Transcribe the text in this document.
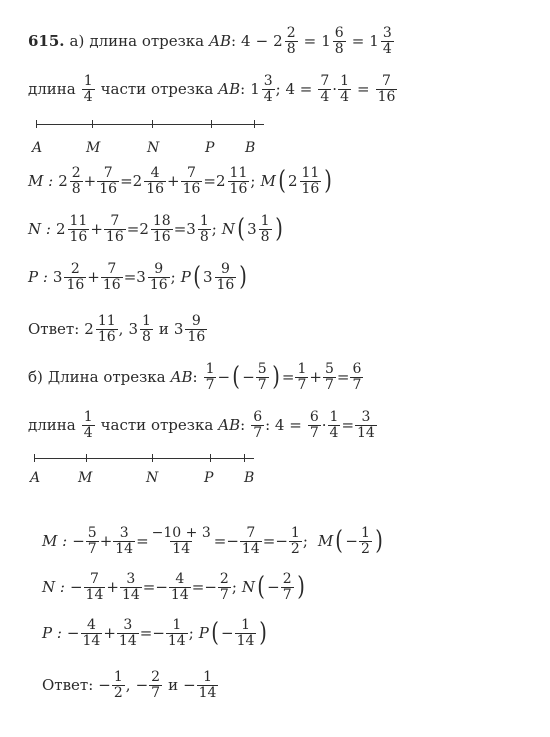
615. а) длина отрезка AB : $4 - 2 \frac{2}{8} = 1 \frac{6}{8} = 1 \frac{3}{4}$
длина $\frac{1}{4}$ части отрезка AB : $1 \frac{3}{4}$ ; $4 = \frac{7}{4} \cdot \frac{1}{4} = \frac{7}{16}$
A	M	N	P B
M : $2 \frac{2}{8} + \frac{7}{16} = 2 \frac{4}{16} + \frac{7}{16} = 2 \frac{11}{16}$ ; M ( $2 \frac{11}{16}$ )
N : $2 \frac{11}{16} + \frac{7}{16} = 2 \frac{18}{16} = 3 \frac{1}{8}$ ; N ( $3 \frac{1}{8}$ )
P : $3 \frac{2}{16} + \frac{7}{16} = 3 \frac{9}{16}$ ; P ( $3 \frac{9}{16}$ )
Ответ: $2 \frac{11}{16}$ , $3 \frac{1}{8}$ и $3 \frac{9}{16}$
б) Длина отрезка AB : $\frac{1}{7}$ − ( − $\frac{5}{7}$ ) = $\frac{1}{7} + \frac{5}{7} = \frac{6}{7}$
длина $\frac{1}{4}$ части отрезка AB : $\frac{6}{7}$ : $4 = \frac{6}{7} \cdot \frac{1}{4} = \frac{3}{14}$
A	M	N	P B
M : − $\frac{5}{7} + \frac{3}{14} = \frac{-10 + 3}{14}$ = − $\frac{7}{14}$ = − $\frac{1}{2}$ ; M ( − $\frac{1}{2}$ )
N : − $\frac{7}{14} + \frac{3}{14}$ = − $\frac{4}{14}$ = − $\frac{2}{7}$ ; N ( − $\frac{2}{7}$ )
P : − $\frac{4}{14} + \frac{3}{14}$ = − $\frac{1}{14}$ ; P ( − $\frac{1}{14}$ )
Ответ: − $\frac{1}{2}$ , − $\frac{2}{7}$ $и - \frac{1}{14}$
